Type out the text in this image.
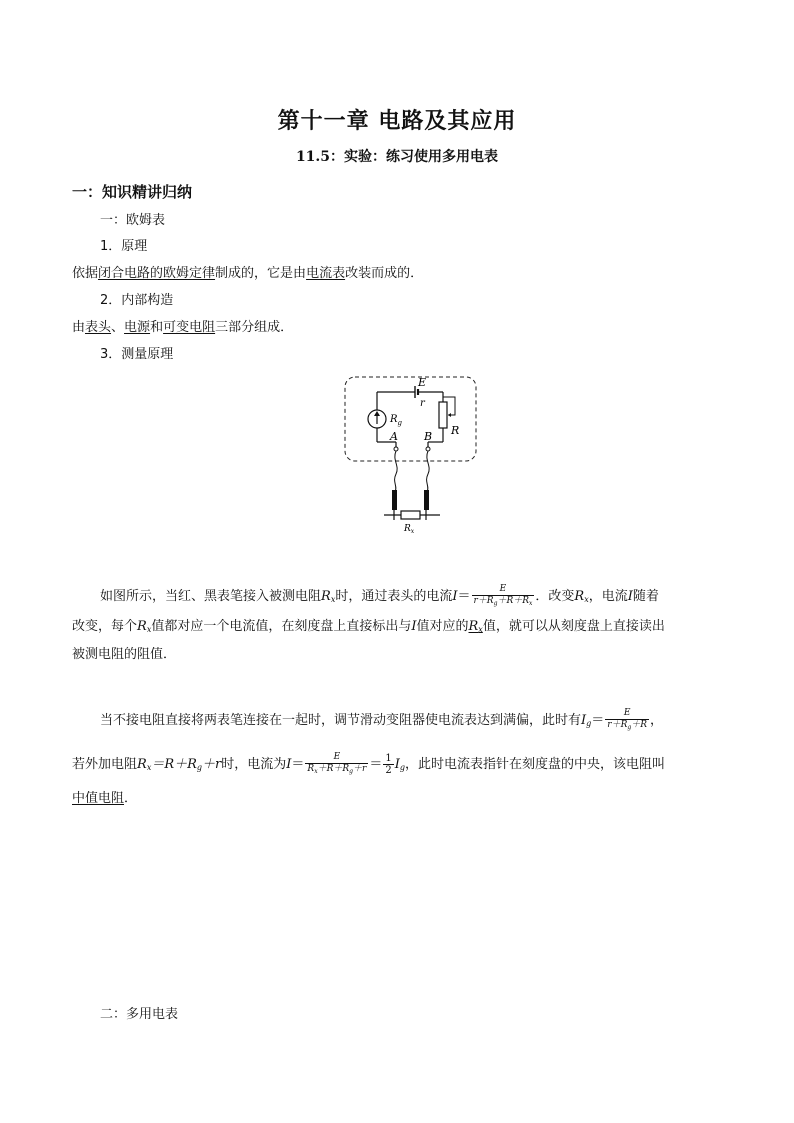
第十一章 电路及其应用
11.5：实验：练习使用多用电表
一：知识精讲归纳
一：欧姆表
1．原理
依据闭合电路的欧姆定律制成的，它是由电流表改装而成的．
2．内部构造
由表头、电源和可变电阻三部分组成．
3．测量原理
E
r
$R_g$
R
A B
$R_x$
如图所示，当红、黑表笔接入被测电阻$R_x$时，通过表头的电流$I= \frac{E}{r+R_g+R+R_x}$ ．改变$R_x$，电流I随着
改变，每个$R_x$值都对应一个电流值，在刻度盘上直接标出与I值对应的$R_x$值，就可以从刻度盘上直接读出
被测电阻的阻值．
当不接电阻直接将两表笔连接在一起时，调节滑动变阻器使电流表达到满偏，此时有$I_g= \frac{E}{r+R_g+R}$ ，
若外加电阻$R_x=R+R_g+r$时，电流为$I= \frac{E}{R_x+R+R_g+r} = \frac{1}{2} I_g$，此时电流表指针在刻度盘的中央，该电阻叫
中值电阻．
二：多用电表
